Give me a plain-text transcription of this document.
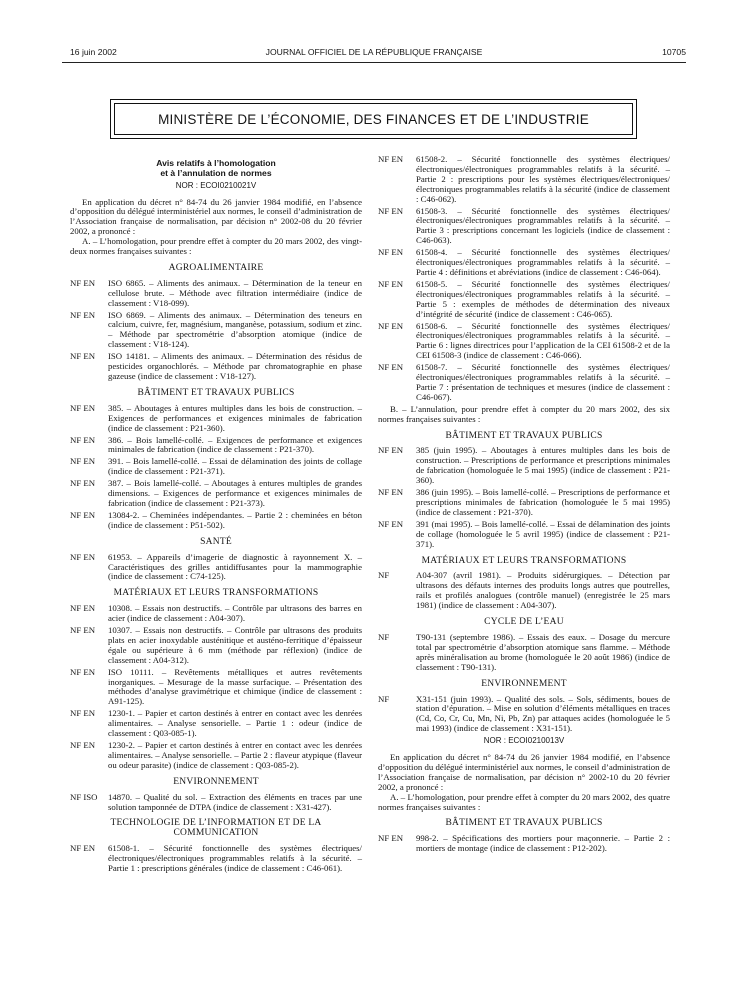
16 juin 2002	JOURNAL OFFICIEL DE LA RÉPUBLIQUE FRANÇAISE	10705
MINISTÈRE DE L’ÉCONOMIE, DES FINANCES ET DE L’INDUSTRIE
Avis relatifs à l’homologation
et à l’annulation de normes
NOR : ECOI0210021V

En application du décret n° 84-74 du 26 janvier 1984 modifié, en l’absence d’opposition du délégué interministériel aux normes, le conseil d’administration de l’Association française de normalisation, par décision n° 2002-08 du 20 février 2002, a prononcé :

A. – L’homologation, pour prendre effet à compter du 20 mars 2002, des vingt-deux normes françaises suivantes :

AGROALIMENTAIRE
NF EN	ISO 6865. – Aliments des animaux. – Détermination de la teneur en cellulose brute. – Méthode avec filtration intermédiaire (indice de classement : V18-099).
NF EN	ISO 6869. – Aliments des animaux. – Détermination des teneurs en calcium, cuivre, fer, magnésium, manganèse, potassium, sodium et zinc. – Méthode par spectrométrie d’absorption atomique (indice de classement : V18-124).
NF EN	ISO 14181. – Aliments des animaux. – Détermination des résidus de pesticides organochlorés. – Méthode par chromatographie en phase gazeuse (indice de classement : V18-127).
BÂTIMENT ET TRAVAUX PUBLICS
NF EN	385. – Aboutages à entures multiples dans les bois de construction. – Exigences de performances et exigences minimales de fabrication (indice de classement : P21-360).
NF EN	386. – Bois lamellé-collé. – Exigences de performance et exigences minimales de fabrication (indice de classement : P21-370).
NF EN	391. – Bois lamellé-collé. – Essai de délamination des joints de collage (indice de classement : P21-371).
NF EN	387. – Bois lamellé-collé. – Aboutages à entures multiples de grandes dimensions. – Exigences de performance et exigences minimales de fabrication (indice de classement : P21-373).
NF EN	13084-2. – Cheminées indépendantes. – Partie 2 : cheminées en béton (indice de classement : P51-502).
SANTÉ
NF EN	61953. – Appareils d’imagerie de diagnostic à rayonnement X. – Caractéristiques des grilles antidiffusantes pour la mammographie (indice de classement : C74-125).
MATÉRIAUX ET LEURS TRANSFORMATIONS
NF EN	10308. – Essais non destructifs. – Contrôle par ultrasons des barres en acier (indice de classement : A04-307).
NF EN	10307. – Essais non destructifs. – Contrôle par ultrasons des produits plats en acier inoxydable austénitique et austéno-ferritique d’épaisseur égale ou supérieure à 6 mm (méthode par réflexion) (indice de classement : A04-312).
NF EN	ISO 10111. – Revêtements métalliques et autres revêtements inorganiques. – Mesurage de la masse surfacique. – Présentation des méthodes d’analyse gravimétrique et chimique (indice de classement : A91-125).
NF EN	1230-1. – Papier et carton destinés à entrer en contact avec les denrées alimentaires. – Analyse sensorielle. – Partie 1 : odeur (indice de classement : Q03-085-1).
NF EN	1230-2. – Papier et carton destinés à entrer en contact avec les denrées alimentaires. – Analyse sensorielle. – Partie 2 : flaveur atypique (flaveur ou odeur parasite) (indice de classement : Q03-085-2).
ENVIRONNEMENT
NF ISO	14870. – Qualité du sol. – Extraction des éléments en traces par une solution tamponnée de DTPA (indice de classement : X31-427).
TECHNOLOGIE DE L’INFORMATION ET DE LA COMMUNICATION
NF EN	61508-1. – Sécurité fonctionnelle des systèmes électriques/électroniques/électroniques programmables relatifs à la sécurité. – Partie 1 : prescriptions générales (indice de classement : C46-061).
NF EN	61508-2. – Sécurité fonctionnelle des systèmes électriques/électroniques/électroniques programmables relatifs à la sécurité. – Partie 2 : prescriptions pour les systèmes électriques/électroniques/électroniques programmables relatifs à la sécurité (indice de classement : C46-062).
NF EN	61508-3. – Sécurité fonctionnelle des systèmes électriques/électroniques/électroniques programmables relatifs à la sécurité. – Partie 3 : prescriptions concernant les logiciels (indice de classement : C46-063).
NF EN	61508-4. – Sécurité fonctionnelle des systèmes électriques/électroniques/électroniques programmables relatifs à la sécurité. – Partie 4 : définitions et abréviations (indice de classement : C46-064).
NF EN	61508-5. – Sécurité fonctionnelle des systèmes électriques/électroniques/électroniques programmables relatifs à la sécurité. – Partie 5 : exemples de méthodes de détermination des niveaux d’intégrité de sécurité (indice de classement : C46-065).
NF EN	61508-6. – Sécurité fonctionnelle des systèmes électriques/électroniques/électroniques programmables relatifs à la sécurité. – Partie 6 : lignes directrices pour l’application de la CEI 61508-2 et de la CEI 61508-3 (indice de classement : C46-066).
NF EN	61508-7. – Sécurité fonctionnelle des systèmes électriques/électroniques/électroniques programmables relatifs à la sécurité. – Partie 7 : présentation de techniques et mesures (indice de classement : C46-067).

B. – L’annulation, pour prendre effet à compter du 20 mars 2002, des six normes françaises suivantes :

BÂTIMENT ET TRAVAUX PUBLICS
NF EN	385 (juin 1995). – Aboutages à entures multiples dans les bois de construction. – Prescriptions de performance et prescriptions minimales de fabrication (homologuée le 5 mai 1995) (indice de classement : P21-360).
NF EN	386 (juin 1995). – Bois lamellé-collé. – Prescriptions de performance et prescriptions minimales de fabrication (homologuée le 5 mai 1995) (indice de classement : P21-370).
NF EN	391 (mai 1995). – Bois lamellé-collé. – Essai de délamination des joints de collage (homologuée le 5 avril 1995) (indice de classement : P21-371).
MATÉRIAUX ET LEURS TRANSFORMATIONS
NF	A04-307 (avril 1981). – Produits sidérurgiques. – Détection par ultrasons des défauts internes des produits longs autres que poutrelles, rails et profilés analogues (contrôle manuel) (enregistrée le 25 mars 1981) (indice de classement : A04-307).
CYCLE DE L’EAU
NF	T90-131 (septembre 1986). – Essais des eaux. – Dosage du mercure total par spectrométrie d’absorption atomique sans flamme. – Méthode après minéralisation au brome (homologuée le 20 août 1986) (indice de classement : T90-131).
ENVIRONNEMENT
NF	X31-151 (juin 1993). – Qualité des sols. – Sols, sédiments, boues de station d’épuration. – Mise en solution d’éléments métalliques en traces (Cd, Co, Cr, Cu, Mn, Ni, Pb, Zn) par attaques acides (homologuée le 5 mai 1993) (indice de classement : X31-151).
NOR : ECOI0210013V

En application du décret n° 84-74 du 26 janvier 1984 modifié, en l’absence d’opposition du délégué interministériel aux normes, le conseil d’administration de l’Association française de normalisation, par décision n° 2002-10 du 20 février 2002, a prononcé :

A. – L’homologation, pour prendre effet à compter du 20 mars 2002, des quatre normes françaises suivantes :

BÂTIMENT ET TRAVAUX PUBLICS
NF EN	998-2. – Spécifications des mortiers pour maçonnerie. – Partie 2 : mortiers de montage (indice de classement : P12-202).
